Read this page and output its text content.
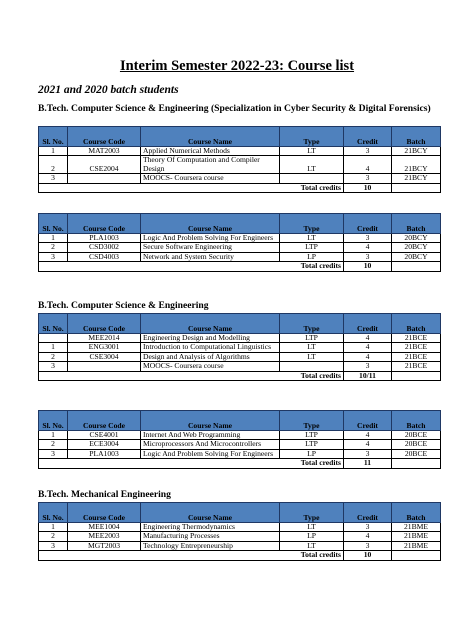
Interim Semester 2022-23: Course list
2021 and 2020 batch students
B.Tech. Computer Science & Engineering (Specialization in Cyber Security & Digital Forensics)
B.Tech. Computer Science & Engineering
B.Tech. Mechanical Engineering
Sl. No.	Course Code	Course Name	Type	Credit	Batch
1	MAT2003	Applied Numerical Methods	LT	3	21BCY
2	CSE2004	Theory Of Computation and Compiler Design	LT	4	21BCY
3		MOOCS- Coursera course		3	21BCY
Total credits				10	
Sl. No.	Course Code	Course Name	Type	Credit	Batch
1	PLA1003	Logic And Problem Solving For Engineers	LT	3	20BCY
2	CSD3002	Secure Software Engineering	LTP	4	20BCY
3	CSD4003	Network and System Security	LP	3	20BCY
Total credits				10	
Sl. No.	Course Code	Course Name	Type	Credit	Batch
	MEE2014	Engineering Design and Modelling	LTP	4	21BCE
1	ENG3001	Introduction to Computational Linguistics	LT	4	21BCE
2	CSE3004	Design and Analysis of Algorithms	LT	4	21BCE
3		MOOCS- Coursera course		3	21BCE
Total credits				10/11	
Sl. No.	Course Code	Course Name	Type	Credit	Batch
1	CSE4001	Internet And Web Programming	LTP	4	20BCE
2	ECE3004	Microprocessors And Microcontrollers	LTP	4	20BCE
3	PLA1003	Logic And Problem Solving For Engineers	LP	3	20BCE
Total credits				11	
Sl. No.	Course Code	Course Name	Type	Credit	Batch
1	MEE1004	Engineering Thermodynamics	LT	3	21BME
2	MEE2003	Manufacturing Processes	LP	4	21BME
3	MGT2003	Technology Entrepreneurship	LT	3	21BME
Total credits				10	
